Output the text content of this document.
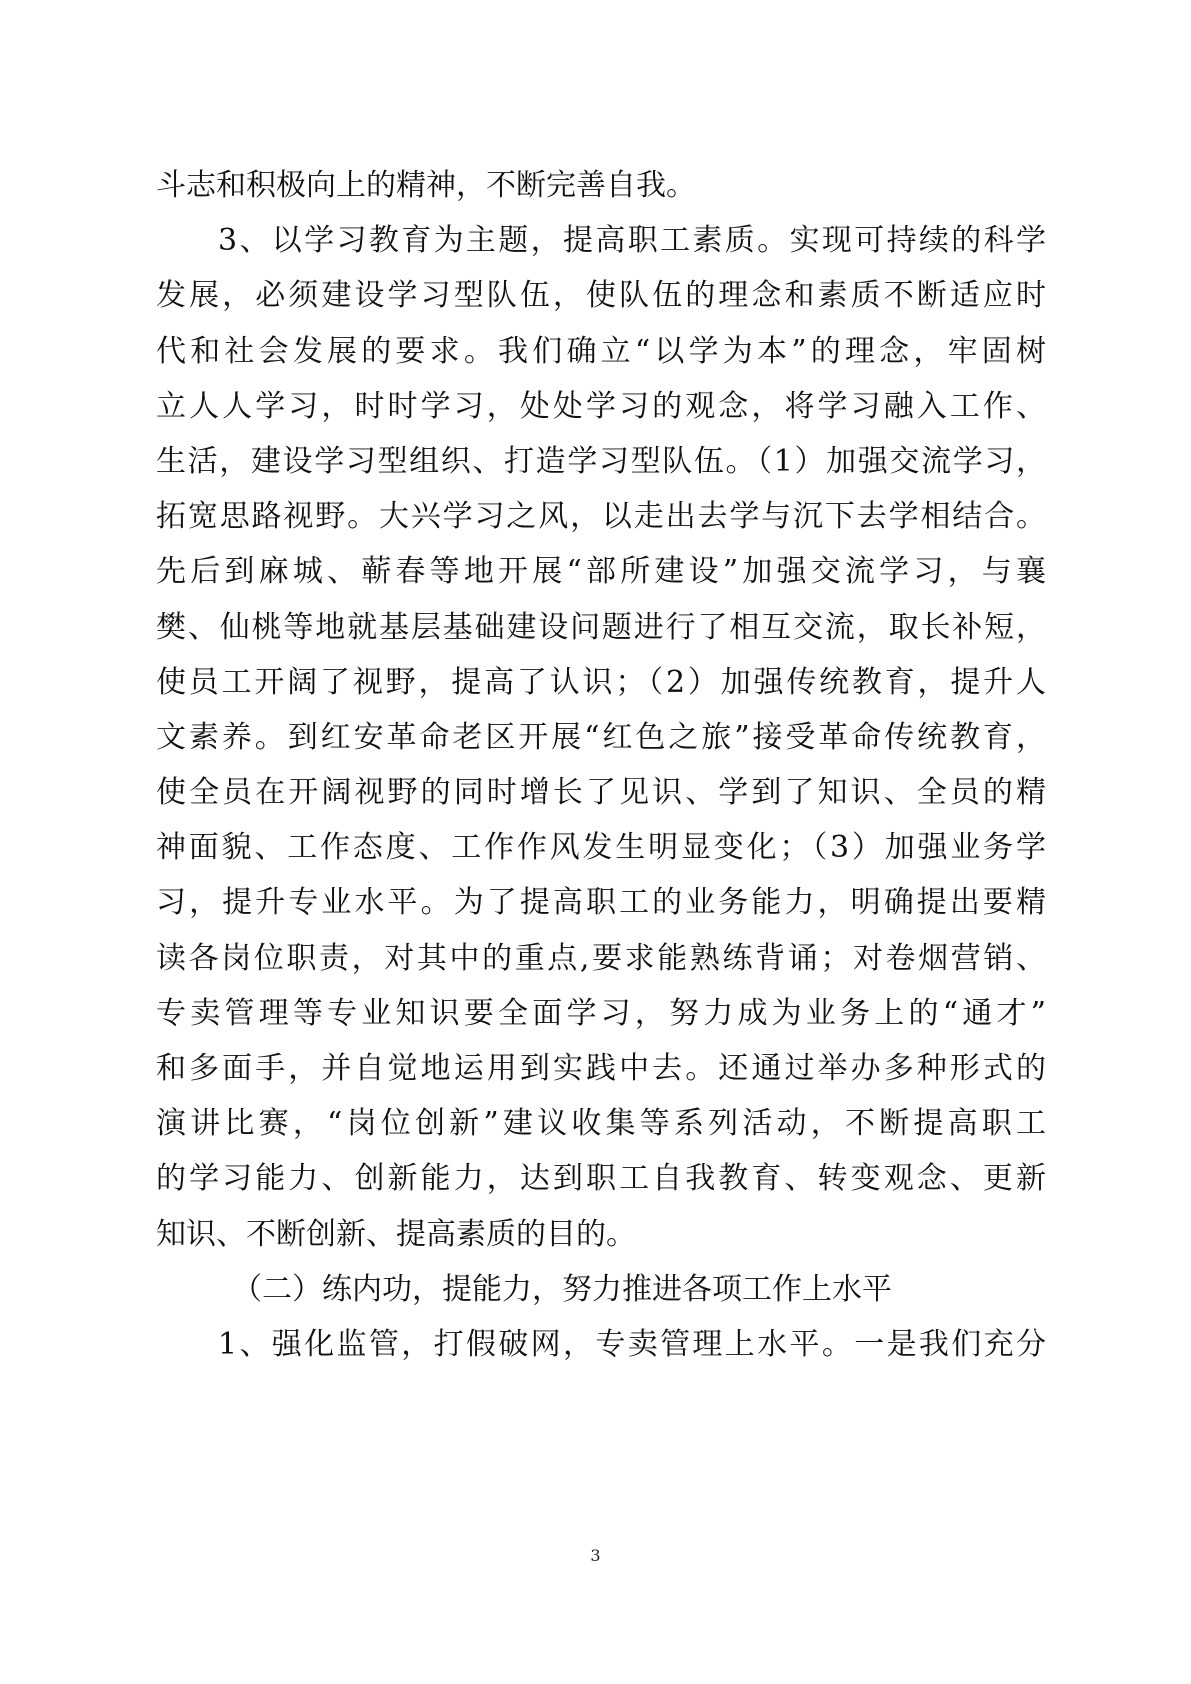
斗志和积极向上的精神，不断完善自我。
3、以学习教育为主题，提高职工素质。实现可持续的科学
发展，必须建设学习型队伍，使队伍的理念和素质不断适应时
代和社会发展的要求。我们确立“以学为本”的理念，牢固树
立人人学习，时时学习，处处学习的观念，将学习融入工作、
生活，建设学习型组织、打造学习型队伍。（1）加强交流学习，
拓宽思路视野。大兴学习之风，以走出去学与沉下去学相结合。
先后到麻城、蕲春等地开展“部所建设”加强交流学习，与襄
樊、仙桃等地就基层基础建设问题进行了相互交流，取长补短，
使员工开阔了视野，提高了认识；（2）加强传统教育，提升人
文素养。到红安革命老区开展“红色之旅”接受革命传统教育，
使全员在开阔视野的同时增长了见识、学到了知识、全员的精
神面貌、工作态度、工作作风发生明显变化；（3）加强业务学
习，提升专业水平。为了提高职工的业务能力，明确提出要精
读各岗位职责，对其中的重点,要求能熟练背诵；对卷烟营销、
专卖管理等专业知识要全面学习，努力成为业务上的“通才”
和多面手，并自觉地运用到实践中去。还通过举办多种形式的
演讲比赛，“岗位创新”建议收集等系列活动，不断提高职工
的学习能力、创新能力，达到职工自我教育、转变观念、更新
知识、不断创新、提高素质的目的。
（二）练内功，提能力，努力推进各项工作上水平
1、强化监管，打假破网，专卖管理上水平。一是我们充分
3
